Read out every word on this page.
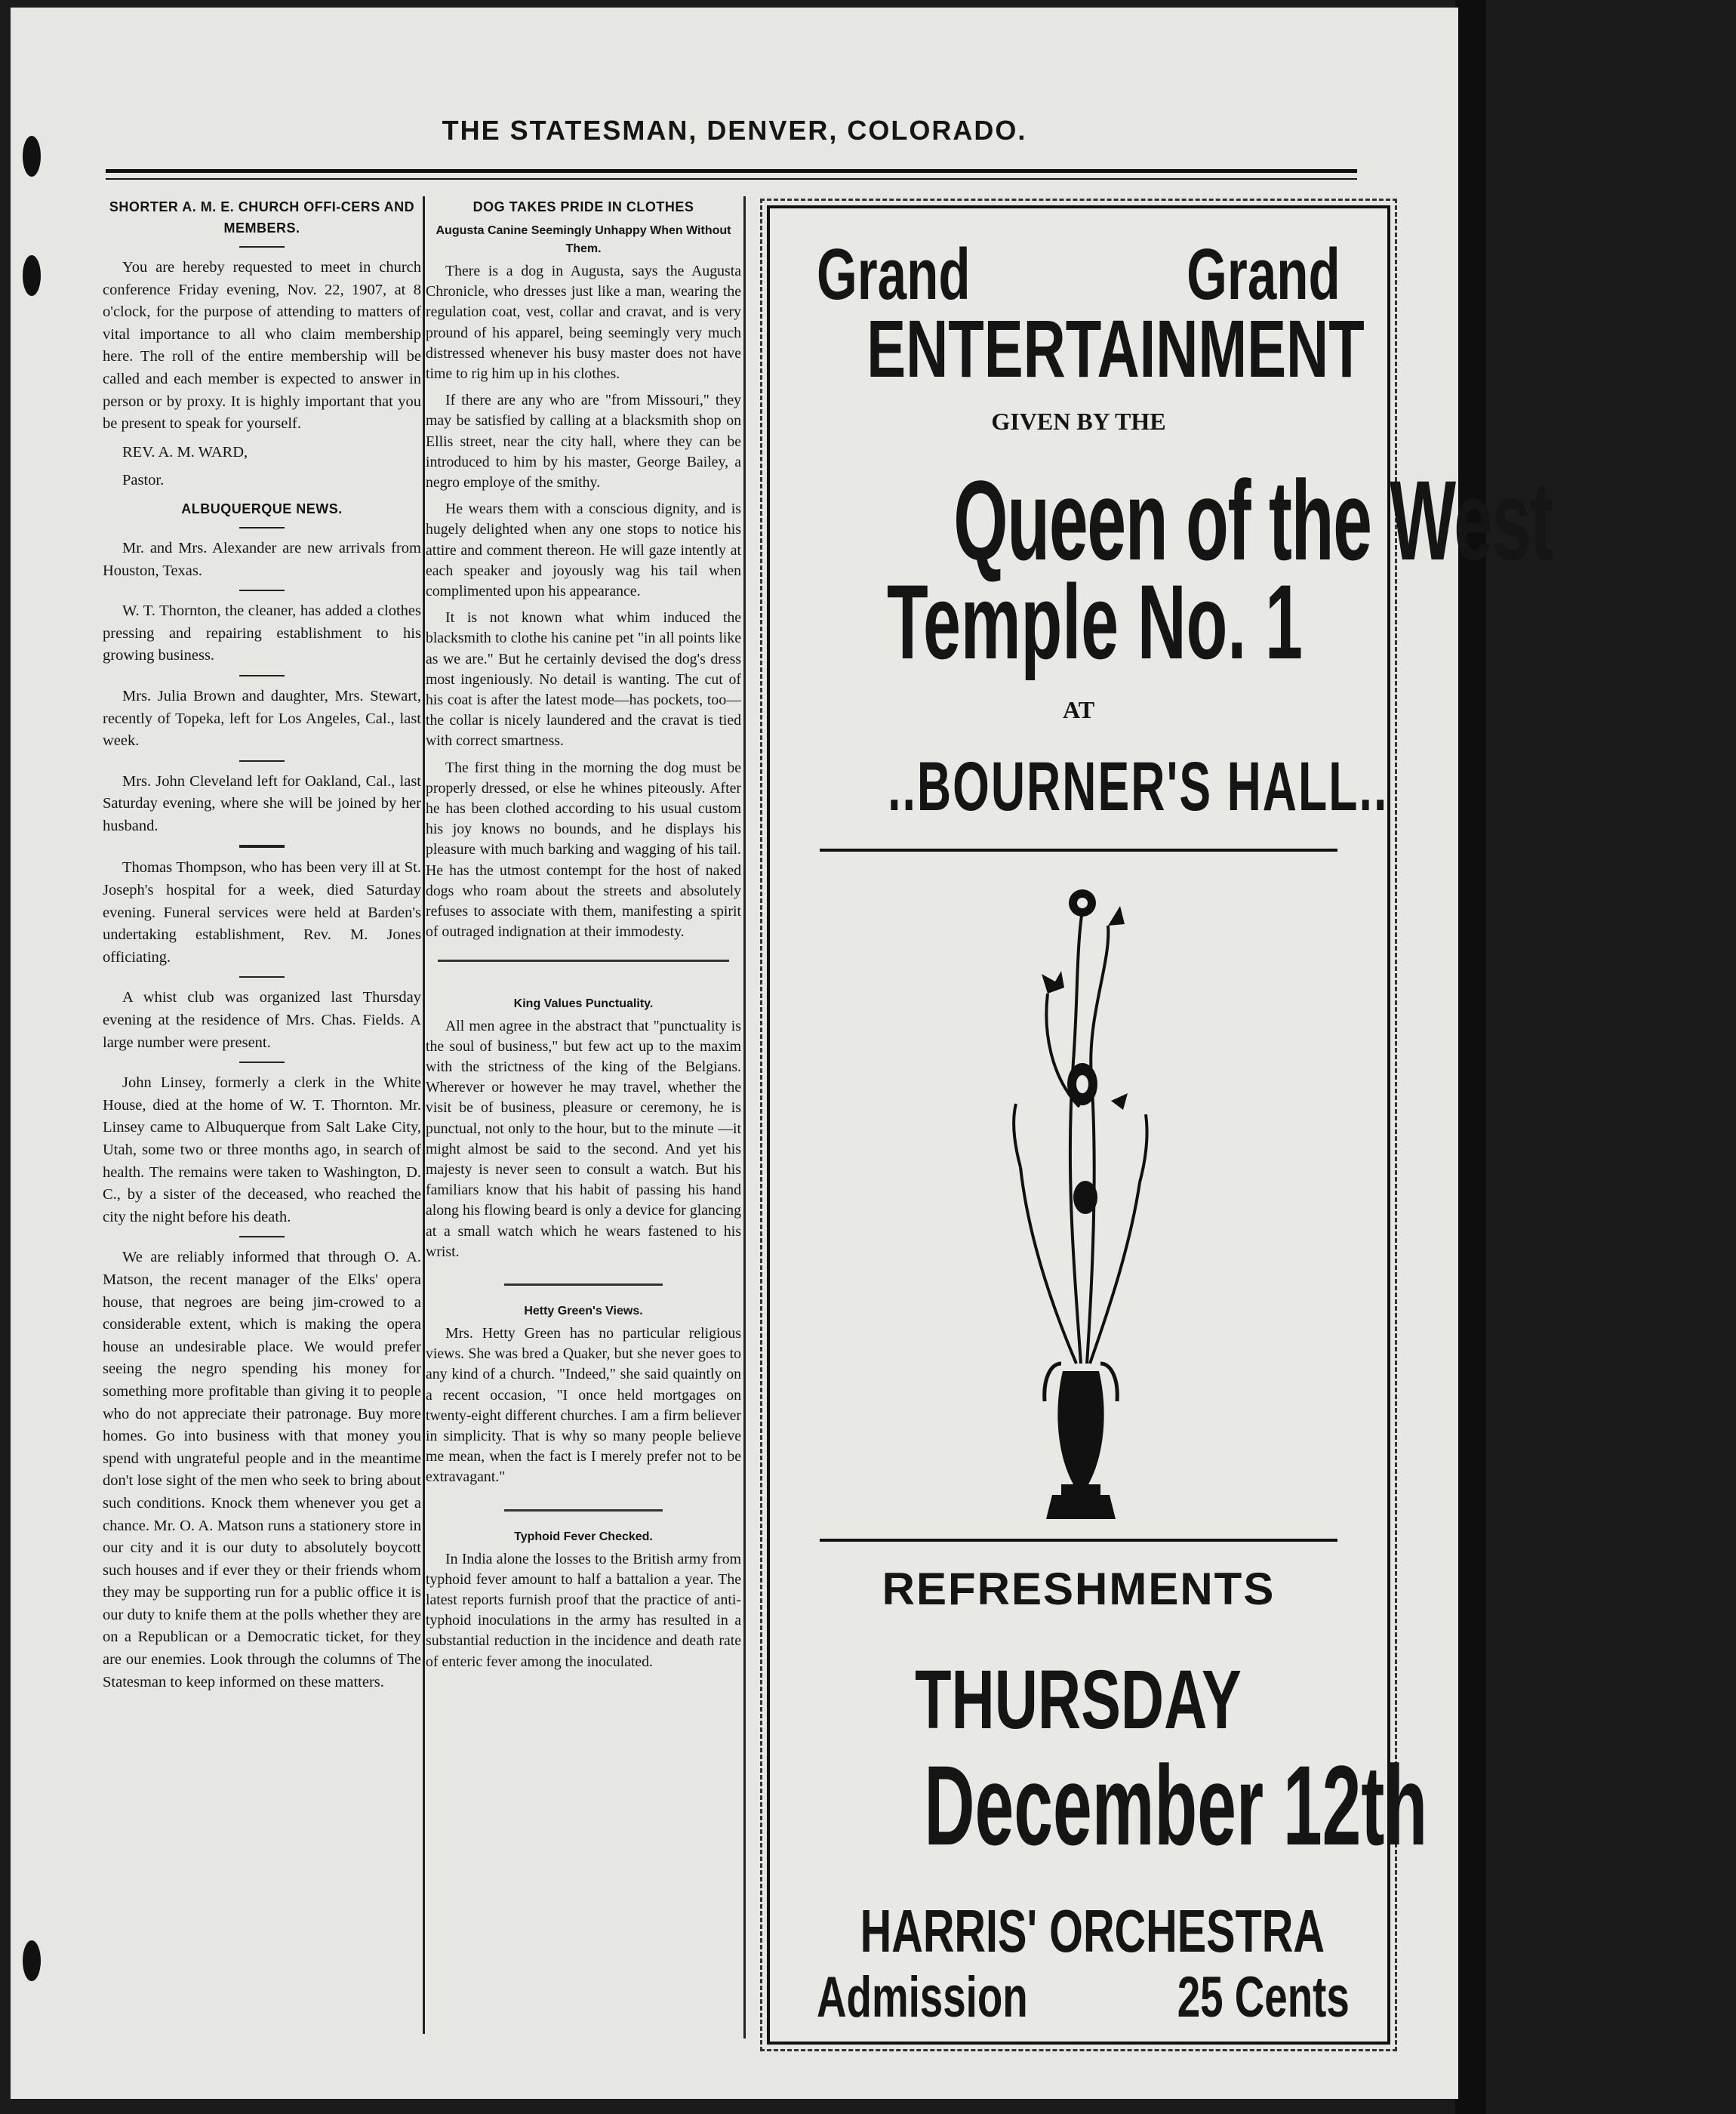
THE STATESMAN, DENVER, COLORADO.
SHORTER A. M. E. CHURCH OFFI-CERS AND MEMBERS.

You are hereby requested to meet in church conference Friday evening, Nov. 22, 1907, at 8 o'clock, for the purpose of attending to matters of vital importance to all who claim membership here. The roll of the entire membership will be called and each member is expected to answer in person or by proxy. It is highly important that you be present to speak for yourself.

REV. A. M. WARD,

Pastor.

ALBUQUERQUE NEWS.

Mr. and Mrs. Alexander are new arrivals from Houston, Texas.

W. T. Thornton, the cleaner, has added a clothes pressing and repairing establishment to his growing business.

Mrs. Julia Brown and daughter, Mrs. Stewart, recently of Topeka, left for Los Angeles, Cal., last week.

Mrs. John Cleveland left for Oakland, Cal., last Saturday evening, where she will be joined by her husband.

Thomas Thompson, who has been very ill at St. Joseph's hospital for a week, died Saturday evening. Funeral services were held at Barden's undertaking establishment, Rev. M. Jones officiating.

A whist club was organized last Thursday evening at the residence of Mrs. Chas. Fields. A large number were present.

John Linsey, formerly a clerk in the White House, died at the home of W. T. Thornton. Mr. Linsey came to Albuquerque from Salt Lake City, Utah, some two or three months ago, in search of health. The remains were taken to Washington, D. C., by a sister of the deceased, who reached the city the night before his death.

We are reliably informed that through O. A. Matson, the recent manager of the Elks' opera house, that negroes are being jim-crowed to a considerable extent, which is making the opera house an undesirable place. We would prefer seeing the negro spending his money for something more profitable than giving it to people who do not appreciate their patronage. Buy more homes. Go into business with that money you spend with ungrateful people and in the meantime don't lose sight of the men who seek to bring about such conditions. Knock them whenever you get a chance. Mr. O. A. Matson runs a stationery store in our city and it is our duty to absolutely boycott such houses and if ever they or their friends whom they may be supporting run for a public office it is our duty to knife them at the polls whether they are on a Republican or a Democratic ticket, for they are our enemies. Look through the columns of The Statesman to keep informed on these matters.

DOG TAKES PRIDE IN CLOTHES
Augusta Canine Seemingly Unhappy When Without Them.

There is a dog in Augusta, says the Augusta Chronicle, who dresses just like a man, wearing the regulation coat, vest, collar and cravat, and is very pround of his apparel, being seemingly very much distressed whenever his busy master does not have time to rig him up in his clothes.

If there are any who are "from Missouri," they may be satisfied by calling at a blacksmith shop on Ellis street, near the city hall, where they can be introduced to him by his master, George Bailey, a negro employe of the smithy.

He wears them with a conscious dignity, and is hugely delighted when any one stops to notice his attire and comment thereon. He will gaze intently at each speaker and joyously wag his tail when complimented upon his appearance.

It is not known what whim induced the blacksmith to clothe his canine pet "in all points like as we are." But he certainly devised the dog's dress most ingeniously. No detail is wanting. The cut of his coat is after the latest mode—has pockets, too—the collar is nicely laundered and the cravat is tied with correct smartness.

The first thing in the morning the dog must be properly dressed, or else he whines piteously. After he has been clothed according to his usual custom his joy knows no bounds, and he displays his pleasure with much barking and wagging of his tail. He has the utmost contempt for the host of naked dogs who roam about the streets and absolutely refuses to associate with them, manifesting a spirit of outraged indignation at their immodesty.

King Values Punctuality.

All men agree in the abstract that "punctuality is the soul of business," but few act up to the maxim with the strictness of the king of the Belgians. Wherever or however he may travel, whether the visit be of business, pleasure or ceremony, he is punctual, not only to the hour, but to the minute —it might almost be said to the second. And yet his majesty is never seen to consult a watch. But his familiars know that his habit of passing his hand along his flowing beard is only a device for glancing at a small watch which he wears fastened to his wrist.

Hetty Green's Views.

Mrs. Hetty Green has no particular religious views. She was bred a Quaker, but she never goes to any kind of a church. "Indeed," she said quaintly on a recent occasion, "I once held mortgages on twenty-eight different churches. I am a firm believer in simplicity. That is why so many people believe me mean, when the fact is I merely prefer not to be extravagant."

Typhoid Fever Checked.

In India alone the losses to the British army from typhoid fever amount to half a battalion a year. The latest reports furnish proof that the practice of anti-typhoid inoculations in the army has resulted in a substantial reduction in the incidence and death rate of enteric fever among the inoculated.

Grand	Grand
ENTERTAINMENT
GIVEN BY THE
Queen of the West
Temple No. 1
AT
..BOURNER'S HALL..
REFRESHMENTS
THURSDAY
December 12th
HARRIS' ORCHESTRA
Admission	25 Cents
